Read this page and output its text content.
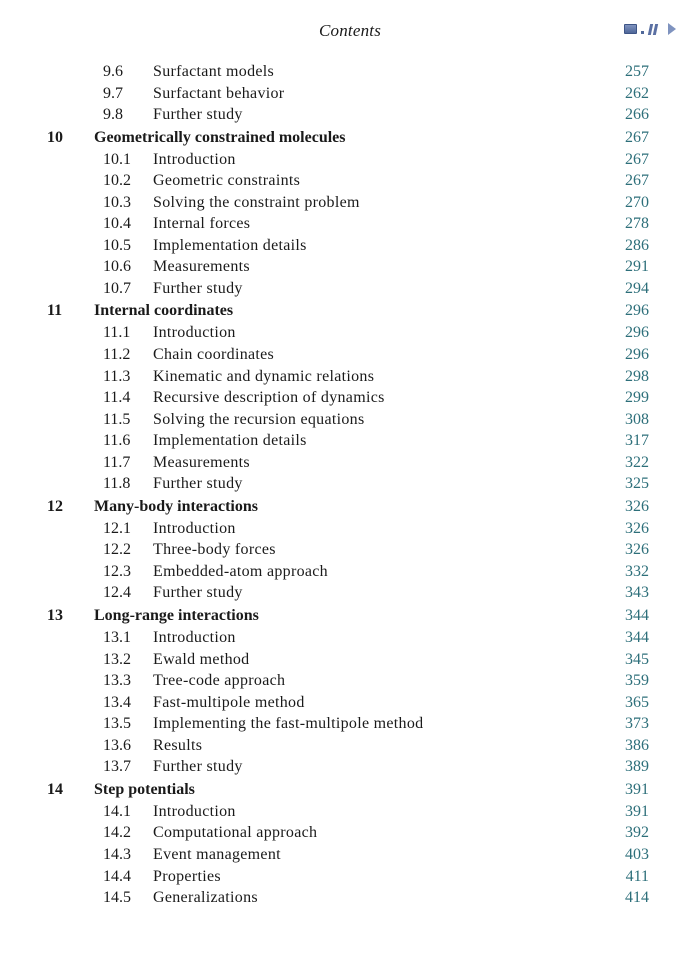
Contents
9.6 Surfactant models	257
9.7 Surfactant behavior	262
9.8 Further study	266
10 Geometrically constrained molecules	267
10.1 Introduction	267
10.2 Geometric constraints	267
10.3 Solving the constraint problem	270
10.4 Internal forces	278
10.5 Implementation details	286
10.6 Measurements	291
10.7 Further study	294
11 Internal coordinates	296
11.1 Introduction	296
11.2 Chain coordinates	296
11.3 Kinematic and dynamic relations	298
11.4 Recursive description of dynamics	299
11.5 Solving the recursion equations	308
11.6 Implementation details	317
11.7 Measurements	322
11.8 Further study	325
12 Many-body interactions	326
12.1 Introduction	326
12.2 Three-body forces	326
12.3 Embedded-atom approach	332
12.4 Further study	343
13 Long-range interactions	344
13.1 Introduction	344
13.2 Ewald method	345
13.3 Tree-code approach	359
13.4 Fast-multipole method	365
13.5 Implementing the fast-multipole method	373
13.6 Results	386
13.7 Further study	389
14 Step potentials	391
14.1 Introduction	391
14.2 Computational approach	392
14.3 Event management	403
14.4 Properties	411
14.5 Generalizations	414
